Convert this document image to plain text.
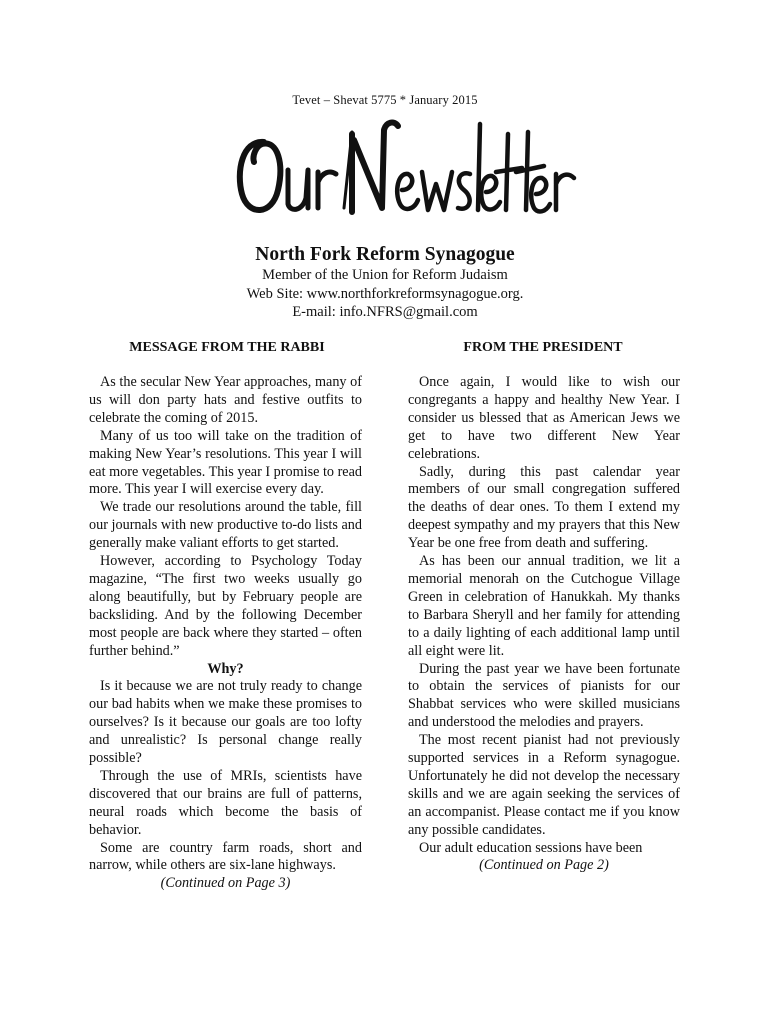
Tevet – Shevat 5775 * January 2015
Our Newsletter
North Fork Reform Synagogue
Member of the Union for Reform Judaism
Web Site: www.northforkreformsynagogue.org.
E-mail: info.NFRS@gmail.com
MESSAGE FROM THE RABBI	FROM THE PRESIDENT

As the secular New Year approaches, many of us will don party hats and festive outfits to celebrate the coming of 2015.

Many of us too will take on the tradition of making New Year’s resolutions. This year I will eat more vegetables. This year I promise to read more. This year I will exercise every day.

We trade our resolutions around the table, fill our journals with new productive to-do lists and generally make valiant efforts to get started.

However, according to Psychology Today magazine, “The first two weeks usually go along beautifully, but by February people are backsliding. And by the following December most people are back where they started – often further behind.”

Why?

Is it because we are not truly ready to change our bad habits when we make these promises to ourselves? Is it because our goals are too lofty and unrealistic? Is personal change really possible?

Through the use of MRIs, scientists have discovered that our brains are full of patterns, neural roads which become the basis of behavior.

Some are country farm roads, short and narrow, while others are six-lane highways.

(Continued on Page 3)

Once again, I would like to wish our congregants a happy and healthy New Year. I consider us blessed that as American Jews we get to have two different New Year celebrations.

Sadly, during this past calendar year members of our small congregation suffered the deaths of dear ones. To them I extend my deepest sympathy and my prayers that this New Year be one free from death and suffering.

As has been our annual tradition, we lit a memorial menorah on the Cutchogue Village Green in celebration of Hanukkah. My thanks to Barbara Sheryll and her family for attending to a daily lighting of each additional lamp until all eight were lit.

During the past year we have been fortunate to obtain the services of pianists for our Shabbat services who were skilled musicians and understood the melodies and prayers.

The most recent pianist had not previously supported services in a Reform synagogue. Unfortunately he did not develop the necessary skills and we are again seeking the services of an accompanist. Please contact me if you know any possible candidates.

Our adult education sessions have been

(Continued on Page 2)
